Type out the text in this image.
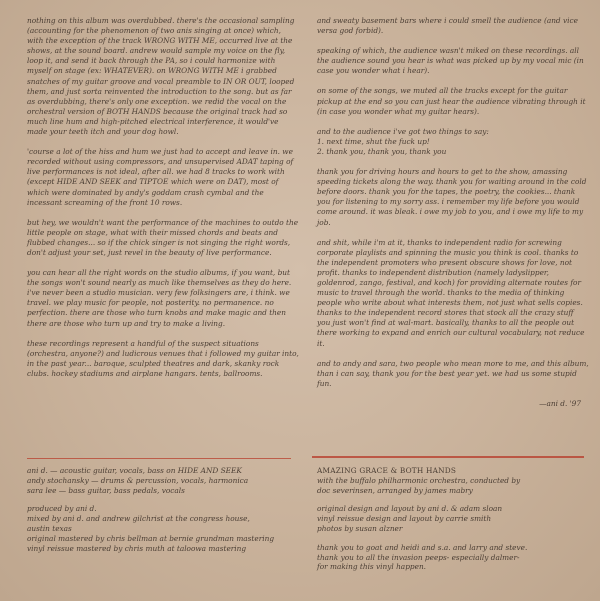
nothing on this album was overdubbed. there's the occasional sampling (accounting for the phenomenon of two anis singing at once) which, with the exception of the track WRONG WITH ME, occurred live at the shows, at the sound board. andrew would sample my voice on the fly, loop it, and send it back through the PA, so i could harmonize with myself on stage (ex: WHATEVER). on WRONG WITH ME i grabbed snatches of my guitar groove and vocal preamble to IN OR OUT, looped them, and just sorta reinvented the introduction to the song. but as far as overdubbing, there's only one exception. we redid the vocal on the orchestral version of BOTH HANDS because the original track had so much line hum and high-pitched electrical interference, it would've made your teeth itch and your dog howl.

'course a lot of the hiss and hum we just had to accept and leave in. we recorded without using compressors, and unsupervised ADAT taping of live performances is not ideal, after all. we had 8 tracks to work with (except HIDE AND SEEK and TIPTOE which were on DAT), most of which were dominated by andy's goddam crash cymbal and the incessant screaming of the front 10 rows.

but hey, we wouldn't want the performance of the machines to outdo the little people on stage, what with their missed chords and beats and flubbed changes... so if the chick singer is not singing the right words, don't adjust your set, just revel in the beauty of live performance.

you can hear all the right words on the studio albums, if you want, but the songs won't sound nearly as much like themselves as they do here. i've never been a studio musician. very few folksingers are, i think. we travel. we play music for people, not posterity. no permanence. no perfection. there are those who turn knobs and make magic and then there are those who turn up and try to make a living.

these recordings represent a handful of the suspect situations (orchestra, anyone?) and ludicrous venues that i followed my guitar into, in the past year... baroque, sculpted theatres and dark, skanky rock clubs. hockey stadiums and airplane hangars. tents, ballrooms.

and sweaty basement bars where i could smell the audience (and vice versa god forbid).

speaking of which, the audience wasn't miked on these recordings. all the audience sound you hear is what was picked up by my vocal mic (in case you wonder what i hear).

on some of the songs, we muted all the tracks except for the guitar pickup at the end so you can just hear the audience vibrating through it (in case you wonder what my guitar hears).

and to the audience i've got two things to say:
1. next time, shut the fuck up!
2. thank you, thank you, thank you

thank you for driving hours and hours to get to the show, amassing speeding tickets along the way. thank you for waiting around in the cold before doors. thank you for the tapes, the poetry, the cookies... thank you for listening to my sorry ass. i remember my life before you would come around. it was bleak. i owe my job to you, and i owe my life to my job.

and shit, while i'm at it, thanks to independent radio for screwing corporate playlists and spinning the music you think is cool. thanks to the independent promoters who present obscure shows for love, not profit. thanks to independent distribution (namely ladyslipper, goldenrod, zango, festival, and koch) for providing alternate routes for music to travel through the world. thanks to the media of thinking people who write about what interests them, not just what sells copies. thanks to the independent record stores that stock all the crazy stuff you just won't find at wal-mart. basically, thanks to all the people out there working to expand and enrich our cultural vocabulary, not reduce it.

and to andy and sara, two people who mean more to me, and this album, than i can say, thank you for the best year yet. we had us some stupid fun.

—ani d. '97

ani d. — acoustic guitar, vocals, bass on HIDE AND SEEK

andy stochansky — drums & percussion, vocals, harmonica

sara lee — bass guitar, bass pedals, vocals

produced by ani d.

mixed by ani d. and andrew gilchrist at the congress house,

austin texas

original mastered by chris bellman at bernie grundman mastering

vinyl reissue mastered by chris muth at taloowa mastering

AMAZING GRACE & BOTH HANDS

with the buffalo philharmonic orchestra, conducted by

doc severinsen, arranged by james mabry

original design and layout by ani d. & adam sloan

vinyl reissue design and layout by carrie smith

photos by susan alzner

thank you to goat and heidi and s.a. and larry and steve.

thank you to all the invasion peeps- especially dalmer-

for making this vinyl happen.
